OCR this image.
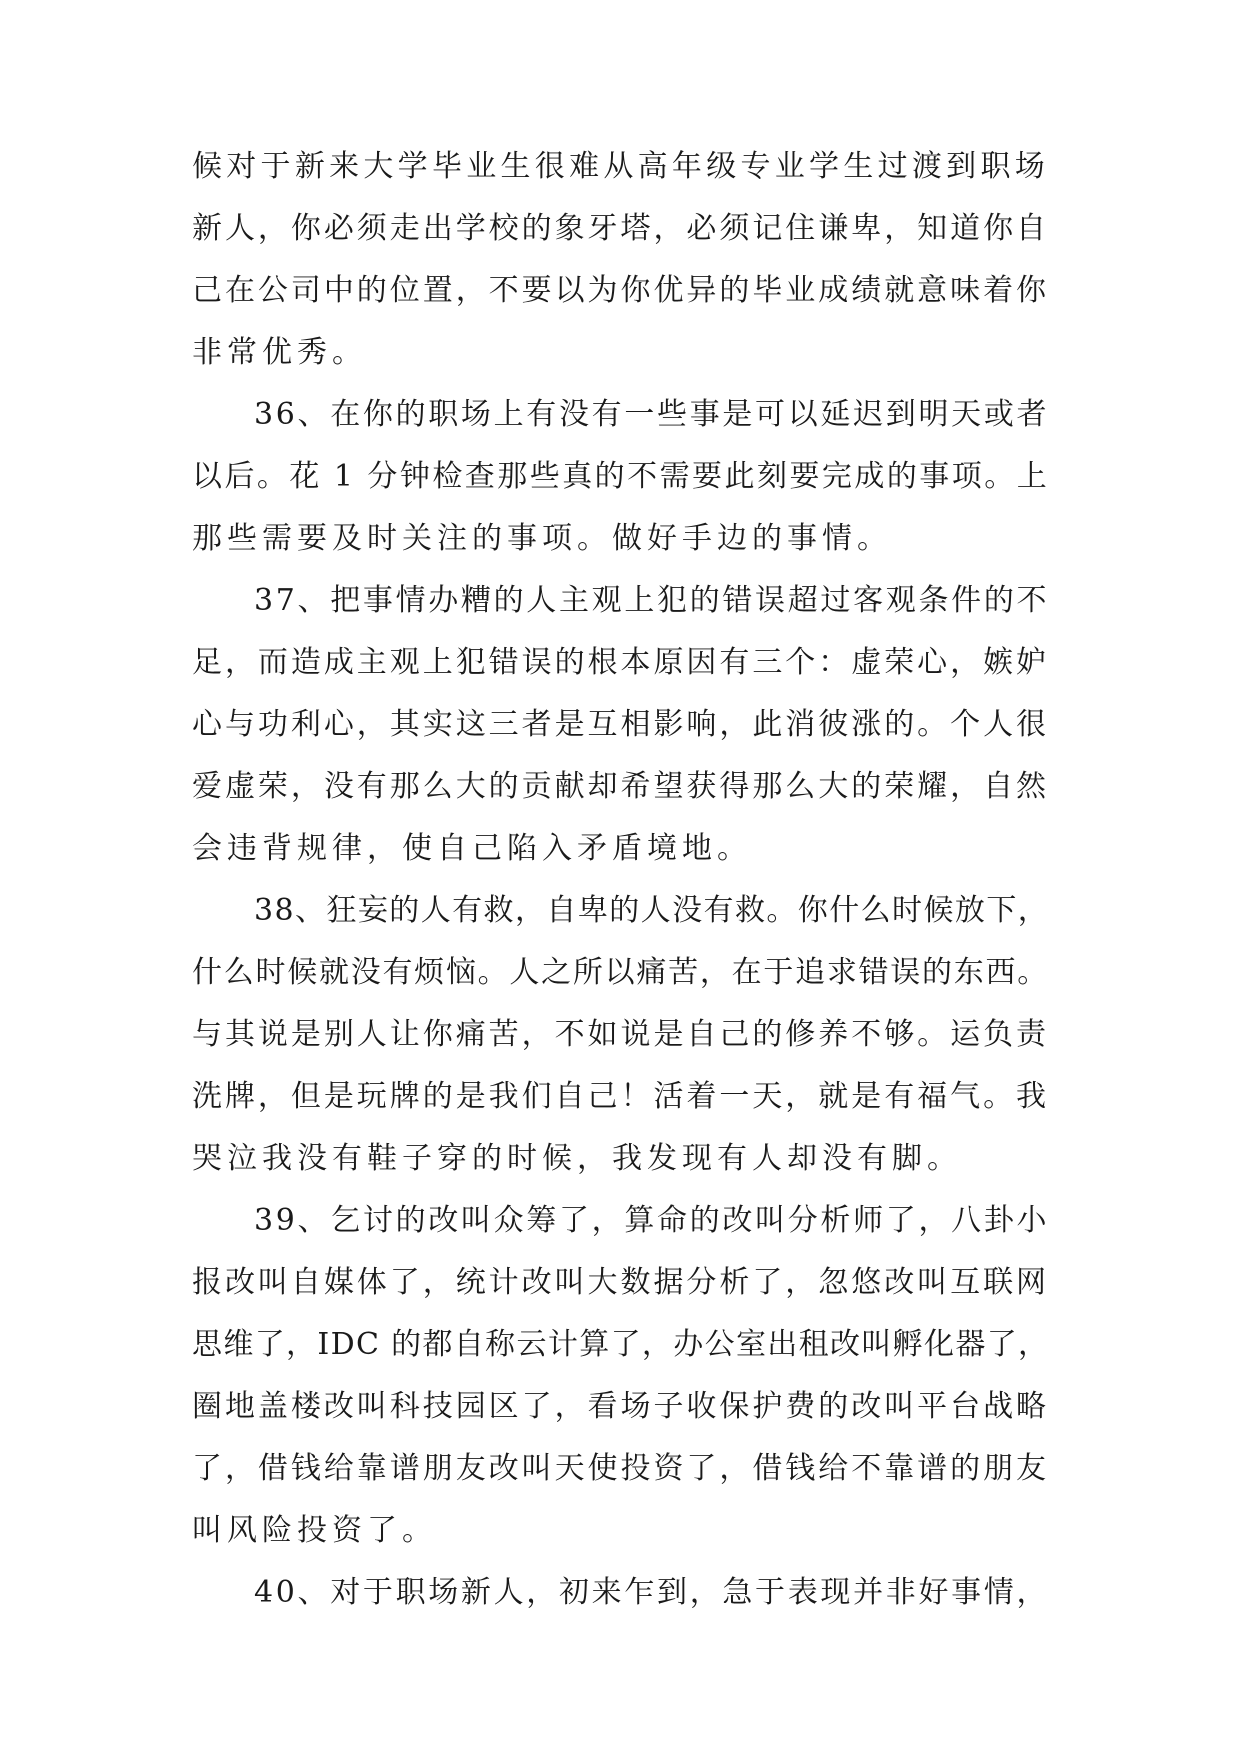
候对于新来大学毕业生很难从高年级专业学生过渡到职场
新人，你必须走出学校的象牙塔，必须记住谦卑，知道你自
己在公司中的位置，不要以为你优异的毕业成绩就意味着你
非常优秀。
36、在你的职场上有没有一些事是可以延迟到明天或者
以后。花 1 分钟检查那些真的不需要此刻要完成的事项。上
那些需要及时关注的事项。做好手边的事情。
37、把事情办糟的人主观上犯的错误超过客观条件的不
足，而造成主观上犯错误的根本原因有三个：虚荣心，嫉妒
心与功利心，其实这三者是互相影响，此消彼涨的。个人很
爱虚荣，没有那么大的贡献却希望获得那么大的荣耀，自然
会违背规律，使自己陷入矛盾境地。
38、狂妄的人有救，自卑的人没有救。你什么时候放下，
什么时候就没有烦恼。人之所以痛苦，在于追求错误的东西。
与其说是别人让你痛苦，不如说是自己的修养不够。运负责
洗牌，但是玩牌的是我们自己！活着一天，就是有福气。我
哭泣我没有鞋子穿的时候，我发现有人却没有脚。
39、乞讨的改叫众筹了，算命的改叫分析师了，八卦小
报改叫自媒体了，统计改叫大数据分析了，忽悠改叫互联网
思维了，IDC 的都自称云计算了，办公室出租改叫孵化器了，
圈地盖楼改叫科技园区了，看场子收保护费的改叫平台战略
了，借钱给靠谱朋友改叫天使投资了，借钱给不靠谱的朋友
叫风险投资了。
40、对于职场新人，初来乍到，急于表现并非好事情，
